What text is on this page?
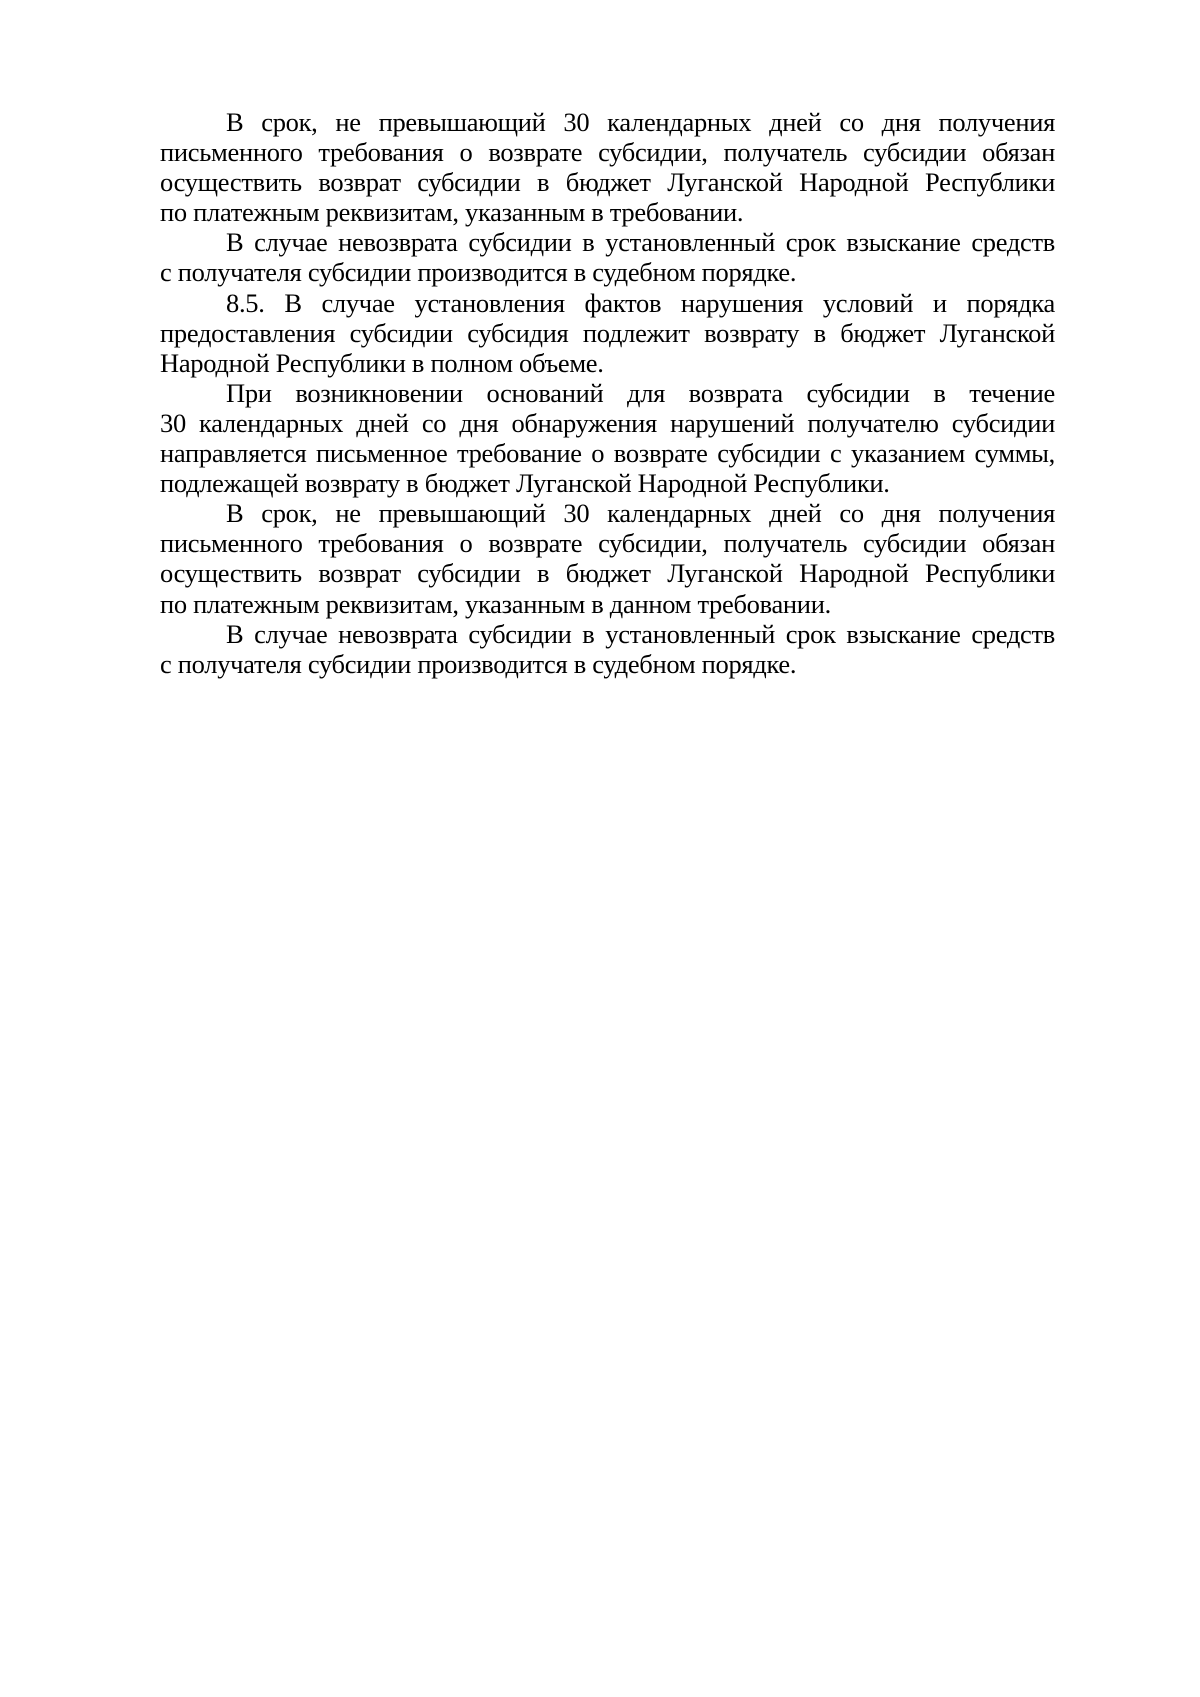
В срок, не превышающий 30 календарных дней со дня получения
письменного требования о возврате субсидии, получатель субсидии обязан
осуществить возврат субсидии в бюджет Луганской Народной Республики
по платежным реквизитам, указанным в требовании.
В случае невозврата субсидии в установленный срок взыскание средств
с получателя субсидии производится в судебном порядке.
8.5. В случае установления фактов нарушения условий и порядка
предоставления субсидии субсидия подлежит возврату в бюджет Луганской
Народной Республики в полном объеме.
При возникновении оснований для возврата субсидии в течение
30 календарных дней со дня обнаружения нарушений получателю субсидии
направляется письменное требование о возврате субсидии с указанием суммы,
подлежащей возврату в бюджет Луганской Народной Республики.
В срок, не превышающий 30 календарных дней со дня получения
письменного требования о возврате субсидии, получатель субсидии обязан
осуществить возврат субсидии в бюджет Луганской Народной Республики
по платежным реквизитам, указанным в данном требовании.
В случае невозврата субсидии в установленный срок взыскание средств
с получателя субсидии производится в судебном порядке.
